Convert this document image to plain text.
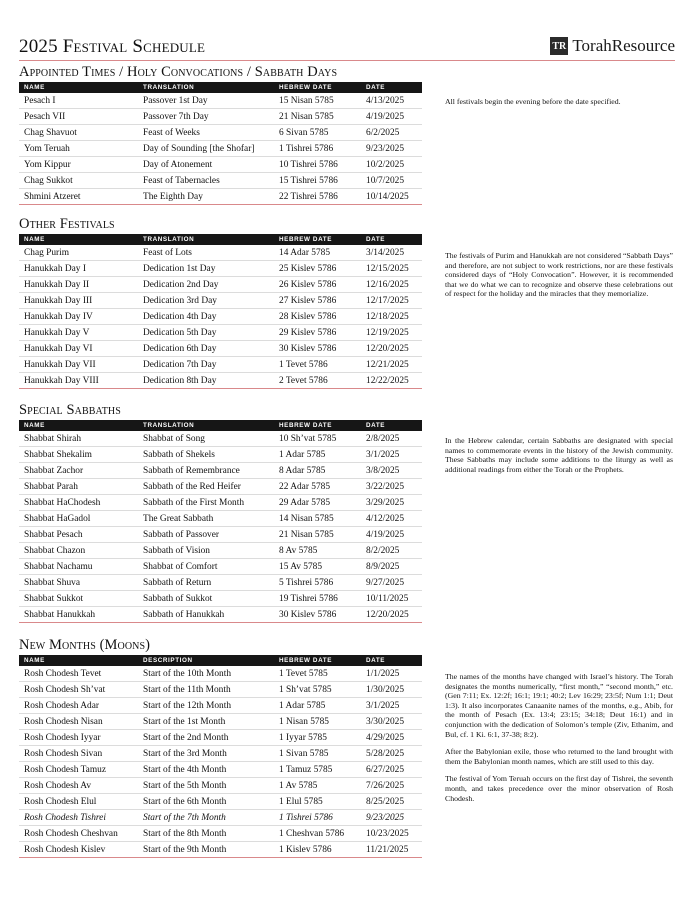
2025 Festival Schedule	TR TorahResource
Appointed Times / Holy Convocations / Sabbath Days
NAME	TRANSLATION	HEBREW DATE	DATE
Pesach I	Passover 1st Day	15 Nisan 5785	4/13/2025
Pesach VII	Passover 7th Day	21 Nisan 5785	4/19/2025
Chag Shavuot	Feast of Weeks	6 Sivan 5785	6/2/2025
Yom Teruah	Day of Sounding [the Shofar]	1 Tishrei 5786	9/23/2025
Yom Kippur	Day of Atonement	10 Tishrei 5786	10/2/2025
Chag Sukkot	Feast of Tabernacles	15 Tishrei 5786	10/7/2025
Shmini Atzeret	The Eighth Day	22 Tishrei 5786	10/14/2025

All festivals begin the evening before the date specified.

Other Festivals
NAME	TRANSLATION	HEBREW DATE	DATE
Chag Purim	Feast of Lots	14 Adar 5785	3/14/2025
Hanukkah Day I	Dedication 1st Day	25 Kislev 5786	12/15/2025
Hanukkah Day II	Dedication 2nd Day	26 Kislev 5786	12/16/2025
Hanukkah Day III	Dedication 3rd Day	27 Kislev 5786	12/17/2025
Hanukkah Day IV	Dedication 4th Day	28 Kislev 5786	12/18/2025
Hanukkah Day V	Dedication 5th Day	29 Kislev 5786	12/19/2025
Hanukkah Day VI	Dedication 6th Day	30 Kislev 5786	12/20/2025
Hanukkah Day VII	Dedication 7th Day	1 Tevet 5786	12/21/2025
Hanukkah Day VIII	Dedication 8th Day	2 Tevet 5786	12/22/2025

The festivals of Purim and Hanukkah are not considered “Sabbath Days” and therefore, are not subject to work restrictions, nor are these festivals considered days of “Holy Convocation”. However, it is recommended that we do what we can to recognize and observe these celebrations out of respect for the holiday and the miracles that they memorialize.

Special Sabbaths
NAME	TRANSLATION	HEBREW DATE	DATE
Shabbat Shirah	Shabbat of Song	10 Sh’vat 5785	2/8/2025
Shabbat Shekalim	Sabbath of Shekels	1 Adar 5785	3/1/2025
Shabbat Zachor	Sabbath of Remembrance	8 Adar 5785	3/8/2025
Shabbat Parah	Sabbath of the Red Heifer	22 Adar 5785	3/22/2025
Shabbat HaChodesh	Sabbath of the First Month	29 Adar 5785	3/29/2025
Shabbat HaGadol	The Great Sabbath	14 Nisan 5785	4/12/2025
Shabbat Pesach	Sabbath of Passover	21 Nisan 5785	4/19/2025
Shabbat Chazon	Sabbath of Vision	8 Av 5785	8/2/2025
Shabbat Nachamu	Shabbat of Comfort	15 Av 5785	8/9/2025
Shabbat Shuva	Sabbath of Return	5 Tishrei 5786	9/27/2025
Shabbat Sukkot	Sabbath of Sukkot	19 Tishrei 5786	10/11/2025
Shabbat Hanukkah	Sabbath of Hanukkah	30 Kislev 5786	12/20/2025

In the Hebrew calendar, certain Sabbaths are designated with special names to commemorate events in the history of the Jewish community. These Sabbaths may include some additions to the liturgy as well as additional readings from either the Torah or the Prophets.

New Months (Moons)
NAME	DESCRIPTION	HEBREW DATE	DATE
Rosh Chodesh Tevet	Start of the 10th Month	1 Tevet 5785	1/1/2025
Rosh Chodesh Sh’vat	Start of the 11th Month	1 Sh’vat 5785	1/30/2025
Rosh Chodesh Adar	Start of the 12th Month	1 Adar 5785	3/1/2025
Rosh Chodesh Nisan	Start of the 1st Month	1 Nisan 5785	3/30/2025
Rosh Chodesh Iyyar	Start of the 2nd Month	1 Iyyar 5785	4/29/2025
Rosh Chodesh Sivan	Start of the 3rd Month	1 Sivan 5785	5/28/2025
Rosh Chodesh Tamuz	Start of the 4th Month	1 Tamuz 5785	6/27/2025
Rosh Chodesh Av	Start of the 5th Month	1 Av 5785	7/26/2025
Rosh Chodesh Elul	Start of the 6th Month	1 Elul 5785	8/25/2025
Rosh Chodesh Tishrei	Start of the 7th Month	1 Tishrei 5786	9/23/2025
Rosh Chodesh Cheshvan	Start of the 8th Month	1 Cheshvan 5786	10/23/2025
Rosh Chodesh Kislev	Start of the 9th Month	1 Kislev 5786	11/21/2025

The names of the months have changed with Israel’s history. The Torah designates the months numerically, “first month,” “second month,” etc. (Gen 7:11; Ex. 12:2f; 16:1; 19:1; 40:2; Lev 16:29; 23:5f; Num 1:1; Deut 1:3). It also incorporates Canaanite names of the months, e.g., Abib, for the month of Pesach (Ex. 13:4; 23:15; 34:18; Deut 16:1) and in conjunction with the dedication of Solomon’s temple (Ziv, Ethanim, and Bul, cf. 1 Ki. 6:1, 37-38; 8:2).

After the Babylonian exile, those who returned to the land brought with them the Babylonian month names, which are still used to this day.

The festival of Yom Teruah occurs on the first day of Tishrei, the seventh month, and takes precedence over the minor observation of Rosh Chodesh.
